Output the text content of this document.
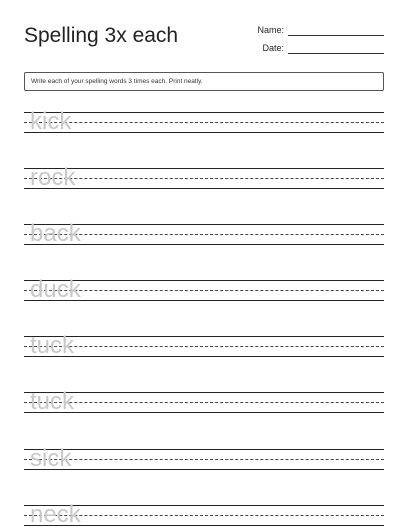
Spelling 3x each	Name:
Date:
Write each of your spelling words 3 times each. Print neatly.
kick
rock
back
duck
tuck
tuck
sick
neck
